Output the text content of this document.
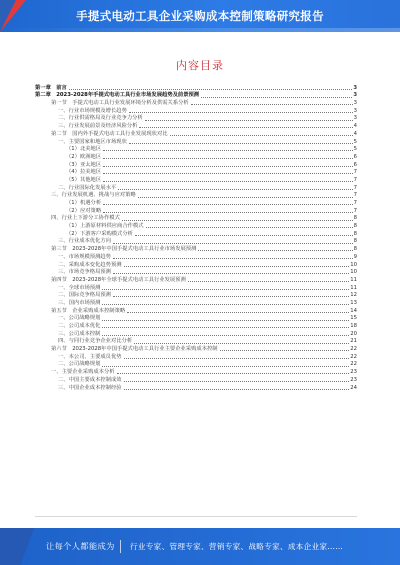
手提式电动工具企业采购成本控制策略研究报告
内容目录
第一章　前言	3
第二章　2023-2028年手提式电动工具行业市场发展趋势及前景预测	3
第一节　手提式电动工具行业发展环境分析及供需关系分析	3
一、行业市场规模及增长趋势	3
二、行业供需格局及行业竞争力分析	3
三、行业发展前景及经济风险分析	4
第二节　国内外手提式电动工具行业发展现状对比	4
一、主要国家和地区市场现状	5
（1）北美地区	5
（2）欧洲地区	6
（3）亚太地区	6
（4）拉美地区	7
（5）其他地区	7
二、行业国际化发展水平	7
三、行业发展机遇、挑战与应对策略	7
（1）机遇分析	7
（2）应对策略	7
四、行业上下游分工协作模式	8
（1）上游原材料供应商合作模式	8
（2）下游客户采购模式分析	8
三、行业成本优化方向	8
第三节　2023-2028年中国手提式电动工具行业市场发展预测	8
一、市场规模预测趋势	9
二、采购成本变化趋势预测	10
三、市场竞争格局预测	10
第四节　2023-2028年全球手提式电动工具行业发展预测	11
一、全球市场预测	11
二、国际竞争格局预测	12
三、国内市场预测	13
第五节　企业采购成本控制策略	14
一、公司战略规划	15
二、公司成本优化	18
三、公司成本控制	20
四、与同行业竞争企业对比分析	21
第六节　2023-2028年中国手提式电动工具行业主要企业采购成本控制	22
一、本公司、主要成员优势	22
二、公司战略规划	22
一、主要企业采购成本分析	23
二、中国主要成本控制成效	23
三、中国企业成本控制经验	24
让每个人都能成为 行业专家、管理专家、营销专家、战略专家、成本企业家……
